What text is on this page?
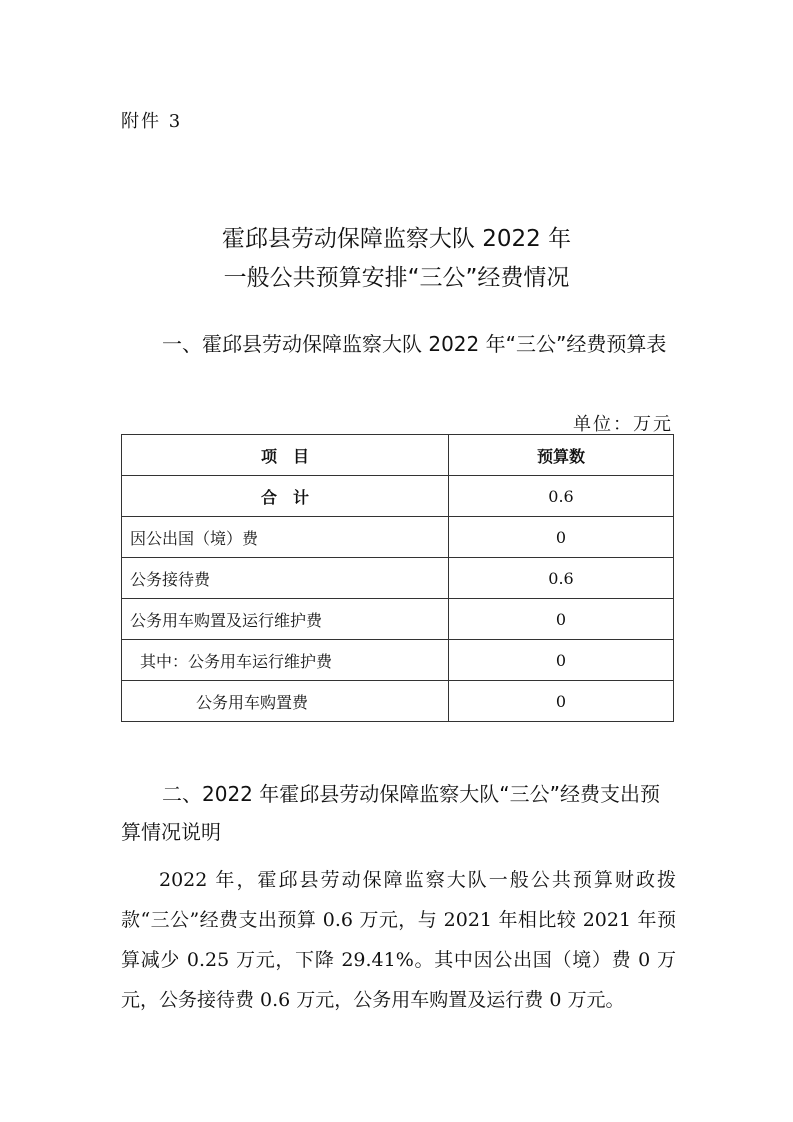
附件 3
霍邱县劳动保障监察大队 2022 年
一般公共预算安排“三公”经费情况
一、霍邱县劳动保障监察大队 2022 年“三公”经费预算表
单位：万元
项　目	预算数
合　计	0.6
因公出国（境）费	0
公务接待费	0.6
公务用车购置及运行维护费	0
其中：公务用车运行维护费	0
公务用车购置费	0
二、2022 年霍邱县劳动保障监察大队“三公”经费支出预算情况说明
2022 年，霍邱县劳动保障监察大队一般公共预算财政拨款“三公”经费支出预算 0.6 万元，与 2021 年相比较 2021 年预算减少 0.25 万元，下降 29.41%。其中因公出国（境）费 0 万元，公务接待费 0.6 万元，公务用车购置及运行费 0 万元。
